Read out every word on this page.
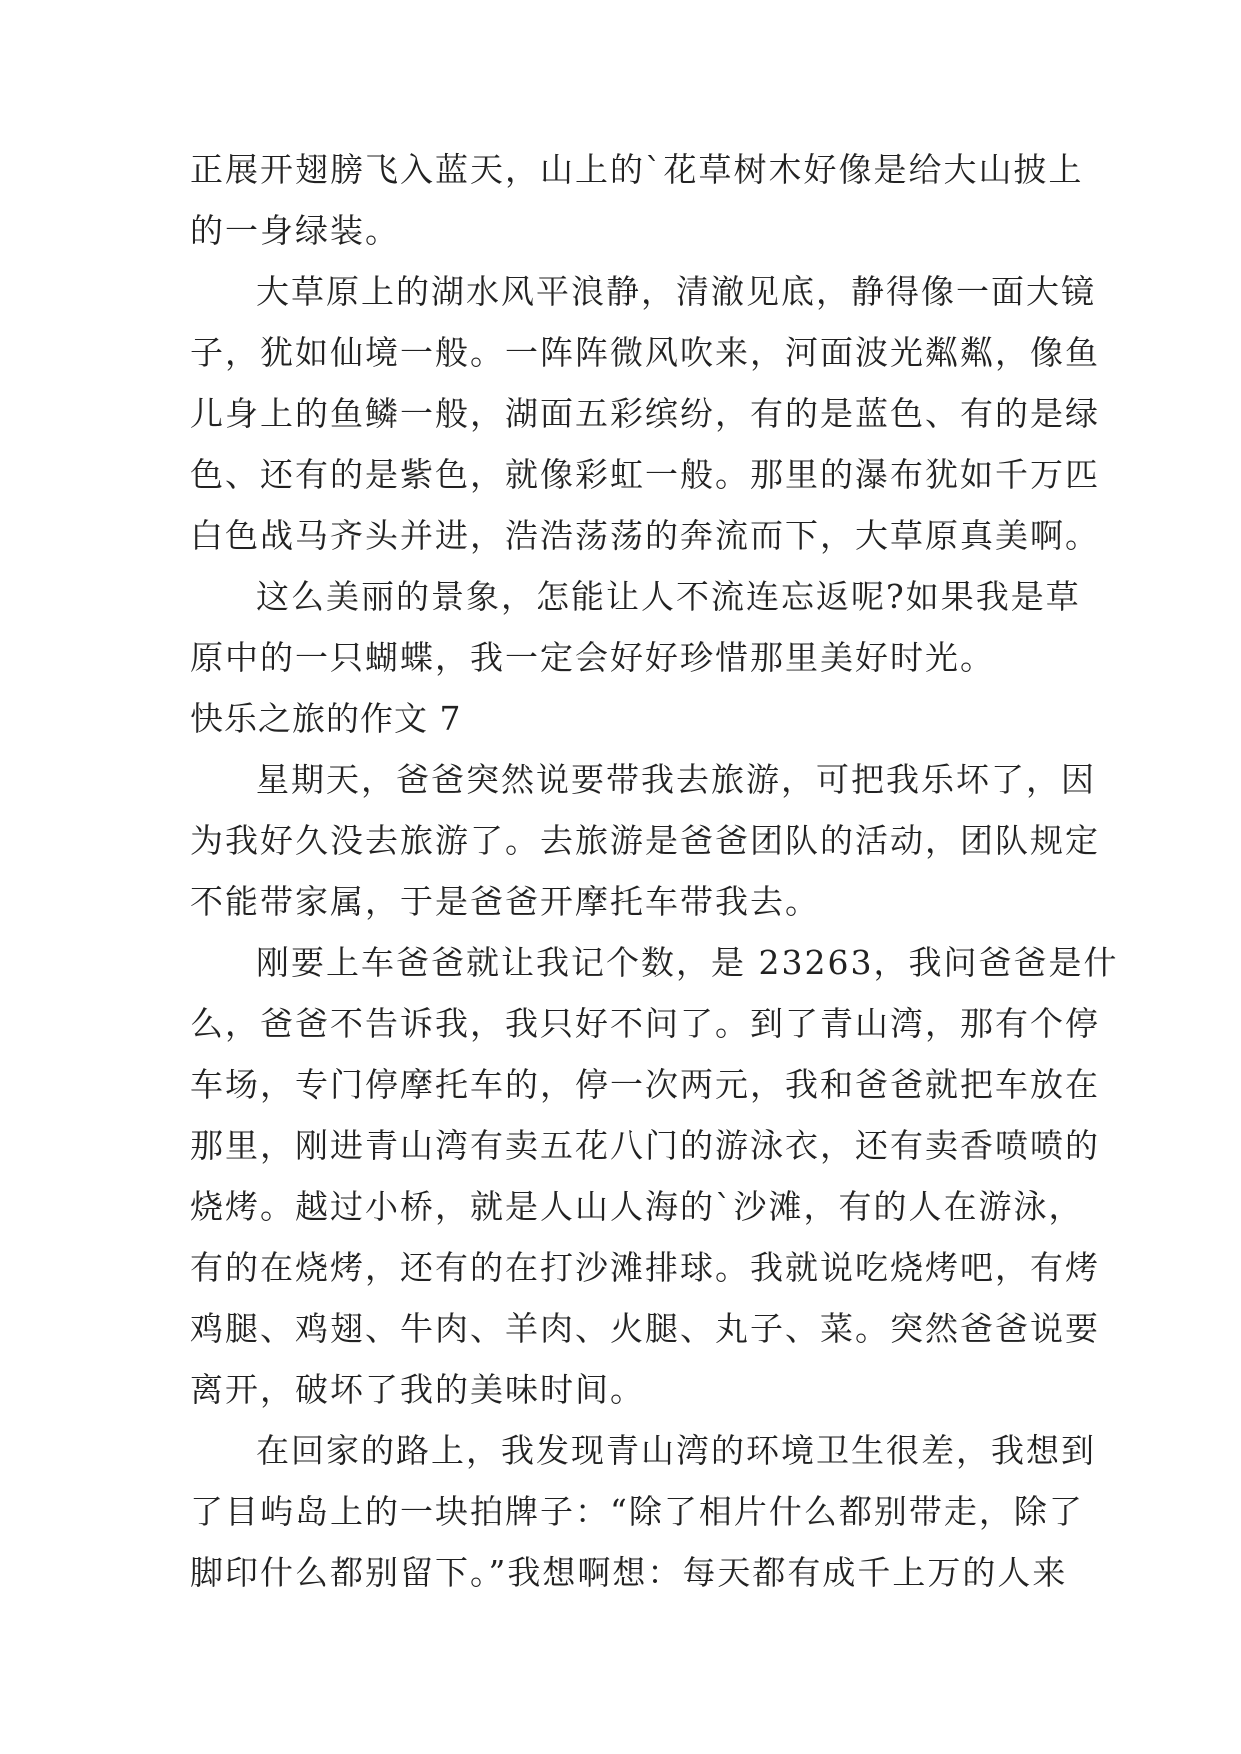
正展开翅膀飞入蓝天，山上的`花草树木好像是给大山披上

的一身绿装。

大草原上的湖水风平浪静，清澈见底，静得像一面大镜

子，犹如仙境一般。一阵阵微风吹来，河面波光粼粼，像鱼

儿身上的鱼鳞一般，湖面五彩缤纷，有的是蓝色、有的是绿

色、还有的是紫色，就像彩虹一般。那里的瀑布犹如千万匹

白色战马齐头并进，浩浩荡荡的奔流而下，大草原真美啊。

这么美丽的景象，怎能让人不流连忘返呢?如果我是草

原中的一只蝴蝶，我一定会好好珍惜那里美好时光。

快乐之旅的作文 7

星期天，爸爸突然说要带我去旅游，可把我乐坏了，因

为我好久没去旅游了。去旅游是爸爸团队的活动，团队规定

不能带家属，于是爸爸开摩托车带我去。

刚要上车爸爸就让我记个数，是 23263，我问爸爸是什

么，爸爸不告诉我，我只好不问了。到了青山湾，那有个停

车场，专门停摩托车的，停一次两元，我和爸爸就把车放在

那里，刚进青山湾有卖五花八门的游泳衣，还有卖香喷喷的

烧烤。越过小桥，就是人山人海的`沙滩，有的人在游泳，

有的在烧烤，还有的在打沙滩排球。我就说吃烧烤吧，有烤

鸡腿、鸡翅、牛肉、羊肉、火腿、丸子、菜。突然爸爸说要

离开，破坏了我的美味时间。

在回家的路上，我发现青山湾的环境卫生很差，我想到

了目屿岛上的一块拍牌子：“除了相片什么都别带走，除了

脚印什么都别留下。”我想啊想：每天都有成千上万的人来
